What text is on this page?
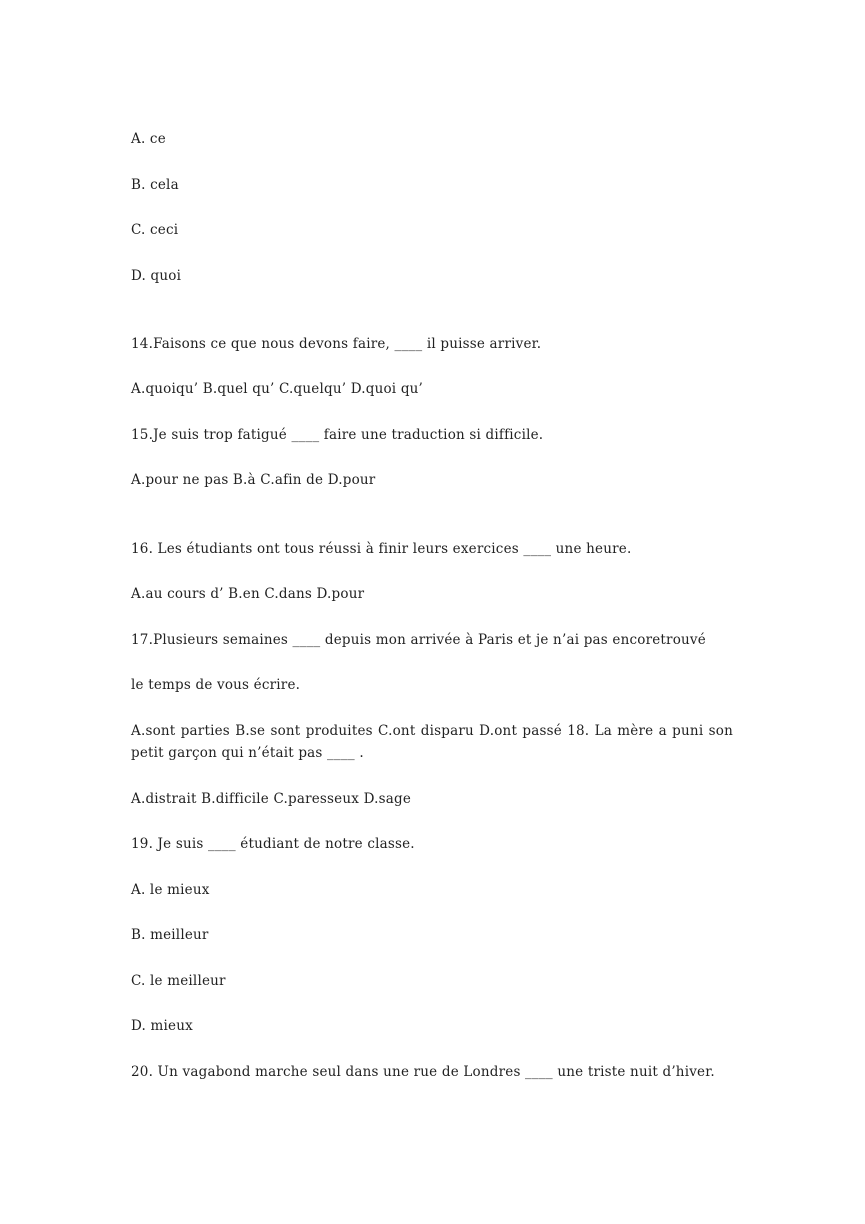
A. ce
B. cela
C. ceci
D. quoi
14.Faisons ce que nous devons faire, ____ il puisse arriver.
A.quoiqu’ B.quel qu’ C.quelqu’ D.quoi qu’
15.Je suis trop fatigué ____ faire une traduction si difficile.
A.pour ne pas B.à C.afin de D.pour
16. Les étudiants ont tous réussi à finir leurs exercices ____ une heure.
A.au cours d’ B.en C.dans D.pour
17.Plusieurs semaines ____ depuis mon arrivée à Paris et je n’ai pas encoretrouvé
le temps de vous écrire.
A.sont parties B.se sont produites C.ont disparu D.ont passé 18. La mère a puni son petit garçon qui n’était pas ____ .
A.distrait B.difficile C.paresseux D.sage
19. Je suis ____ étudiant de notre classe.
A. le mieux
B. meilleur
C. le meilleur
D. mieux
20. Un vagabond marche seul dans une rue de Londres ____ une triste nuit d’hiver.
